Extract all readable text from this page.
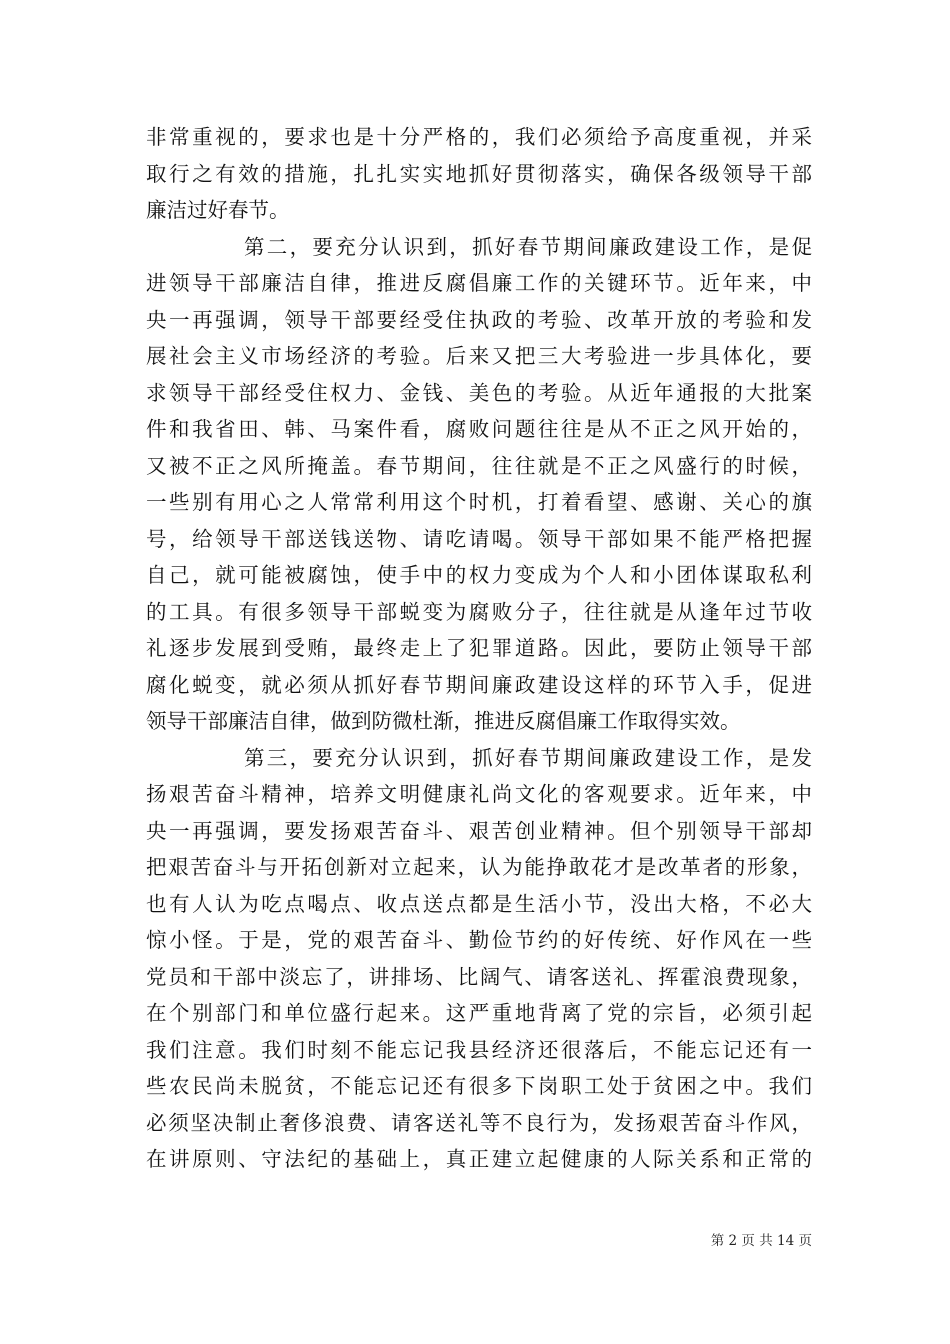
非常重视的，要求也是十分严格的，我们必须给予高度重视，并采
取行之有效的措施，扎扎实实地抓好贯彻落实，确保各级领导干部
廉洁过好春节。
第二，要充分认识到，抓好春节期间廉政建设工作，是促
进领导干部廉洁自律，推进反腐倡廉工作的关键环节。近年来，中
央一再强调，领导干部要经受住执政的考验、改革开放的考验和发
展社会主义市场经济的考验。后来又把三大考验进一步具体化，要
求领导干部经受住权力、金钱、美色的考验。从近年通报的大批案
件和我省田、韩、马案件看，腐败问题往往是从不正之风开始的，
又被不正之风所掩盖。春节期间，往往就是不正之风盛行的时候，
一些别有用心之人常常利用这个时机，打着看望、感谢、关心的旗
号，给领导干部送钱送物、请吃请喝。领导干部如果不能严格把握
自己，就可能被腐蚀，使手中的权力变成为个人和小团体谋取私利
的工具。有很多领导干部蜕变为腐败分子，往往就是从逢年过节收
礼逐步发展到受贿，最终走上了犯罪道路。因此，要防止领导干部
腐化蜕变，就必须从抓好春节期间廉政建设这样的环节入手，促进
领导干部廉洁自律，做到防微杜渐，推进反腐倡廉工作取得实效。
第三，要充分认识到，抓好春节期间廉政建设工作，是发
扬艰苦奋斗精神，培养文明健康礼尚文化的客观要求。近年来，中
央一再强调，要发扬艰苦奋斗、艰苦创业精神。但个别领导干部却
把艰苦奋斗与开拓创新对立起来，认为能挣敢花才是改革者的形象，
也有人认为吃点喝点、收点送点都是生活小节，没出大格，不必大
惊小怪。于是，党的艰苦奋斗、勤俭节约的好传统、好作风在一些
党员和干部中淡忘了，讲排场、比阔气、请客送礼、挥霍浪费现象，
在个别部门和单位盛行起来。这严重地背离了党的宗旨，必须引起
我们注意。我们时刻不能忘记我县经济还很落后，不能忘记还有一
些农民尚未脱贫，不能忘记还有很多下岗职工处于贫困之中。我们
必须坚决制止奢侈浪费、请客送礼等不良行为，发扬艰苦奋斗作风，
在讲原则、守法纪的基础上，真正建立起健康的人际关系和正常的
第 2 页 共 14 页
